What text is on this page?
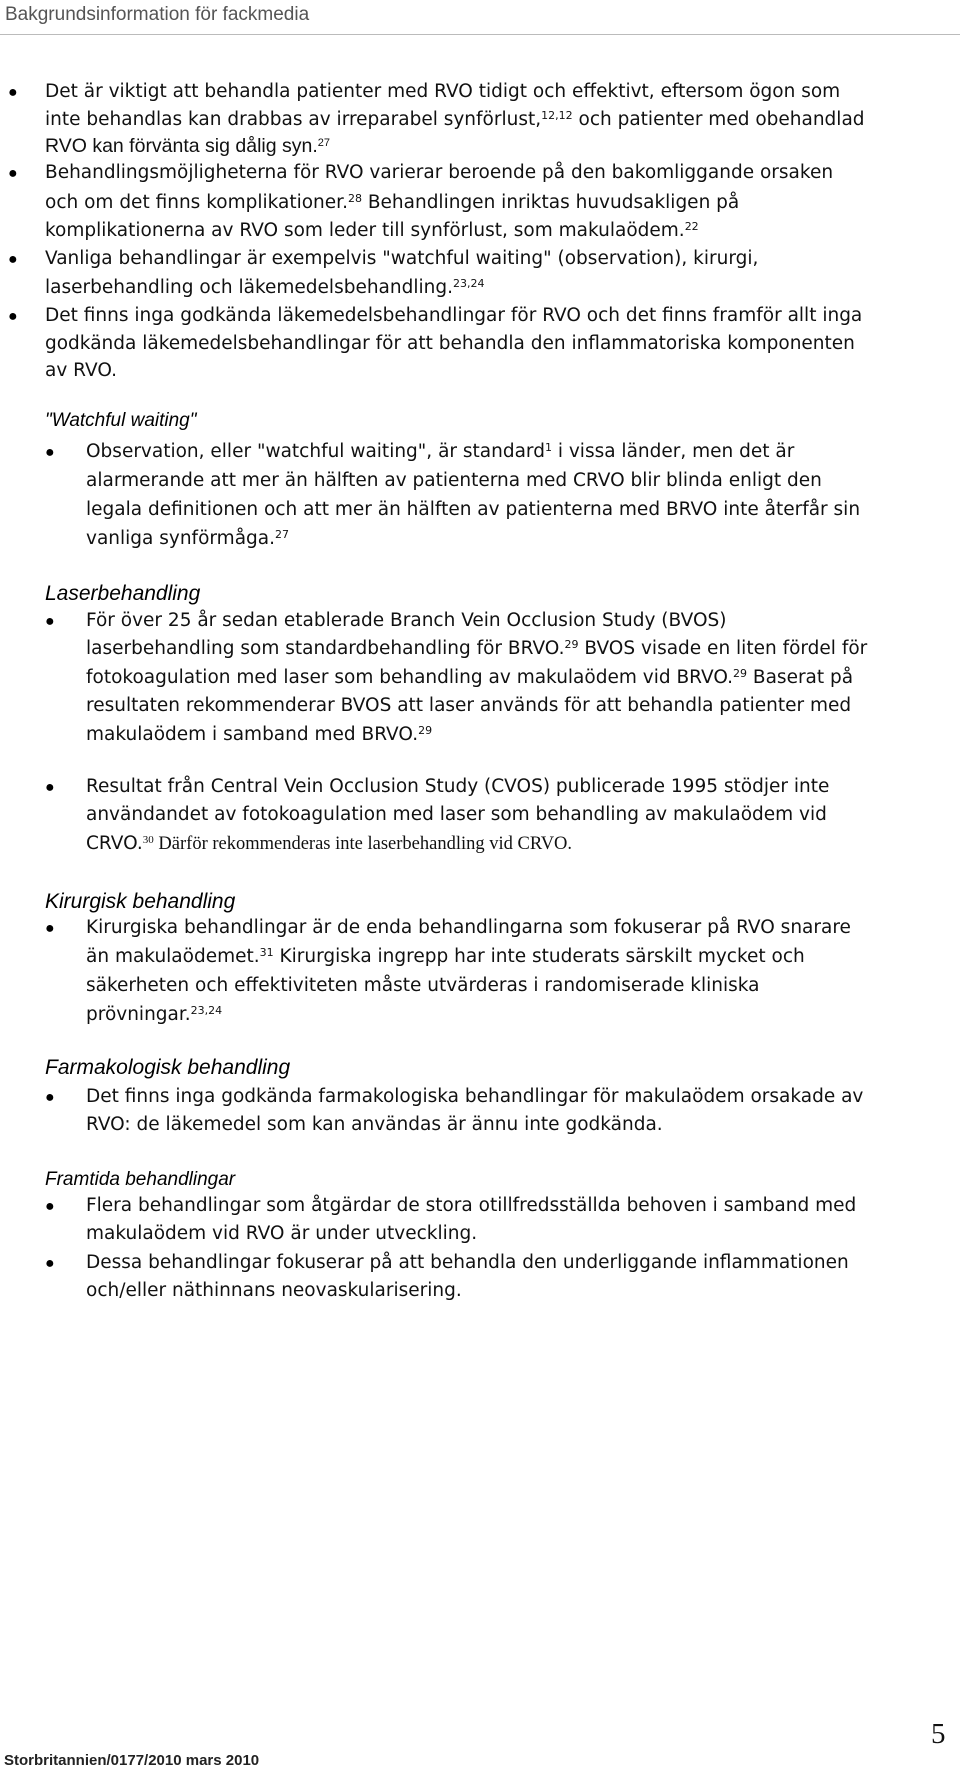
Bakgrundsinformation för fackmedia
● Det är viktigt att behandla patienter med RVO tidigt och effektivt, eftersom ögon som
inte behandlas kan drabbas av irreparabel synförlust,$^{12,12}$ och patienter med obehandlad
RVO kan förvänta sig dålig syn.$^{27}$
● Behandlingsmöjligheterna för RVO varierar beroende på den bakomliggande orsaken
och om det finns komplikationer.$^{28}$ Behandlingen inriktas huvudsakligen på
komplikationerna av RVO som leder till synförlust, som makulaödem.$^{22}$
● Vanliga behandlingar är exempelvis "watchful waiting" (observation), kirurgi,
laserbehandling och läkemedelsbehandling.$^{23,24}$
● Det finns inga godkända läkemedelsbehandlingar för RVO och det finns framför allt inga
godkända läkemedelsbehandlingar för att behandla den inflammatoriska komponenten
av RVO.
"Watchful waiting"
● Observation, eller "watchful waiting", är standard$^1$ i vissa länder, men det är
alarmerande att mer än hälften av patienterna med CRVO blir blinda enligt den
legala definitionen och att mer än hälften av patienterna med BRVO inte återfår sin
vanliga synförmåga.$^{27}$
Laserbehandling
● För över 25 år sedan etablerade Branch Vein Occlusion Study (BVOS)
laserbehandling som standardbehandling för BRVO.$^{29}$ BVOS visade en liten fördel för
fotokoagulation med laser som behandling av makulaödem vid BRVO.$^{29}$ Baserat på
resultaten rekommenderar BVOS att laser används för att behandla patienter med
makulaödem i samband med BRVO.$^{29}$
● Resultat från Central Vein Occlusion Study (CVOS) publicerade 1995 stödjer inte
användandet av fotokoagulation med laser som behandling av makulaödem vid
CRVO.$^{30}$ Därför rekommenderas inte laserbehandling vid CRVO.
Kirurgisk behandling
● Kirurgiska behandlingar är de enda behandlingarna som fokuserar på RVO snarare
än makulaödemet.$^{31}$ Kirurgiska ingrepp har inte studerats särskilt mycket och
säkerheten och effektiviteten måste utvärderas i randomiserade kliniska
prövningar.$^{23,24}$
Farmakologisk behandling
● Det finns inga godkända farmakologiska behandlingar för makulaödem orsakade av
RVO: de läkemedel som kan användas är ännu inte godkända.
Framtida behandlingar
● Flera behandlingar som åtgärdar de stora otillfredsställda behoven i samband med
makulaödem vid RVO är under utveckling.
● Dessa behandlingar fokuserar på att behandla den underliggande inflammationen
och/eller näthinnans neovaskularisering.
5
Storbritannien/0177/2010 mars 2010
